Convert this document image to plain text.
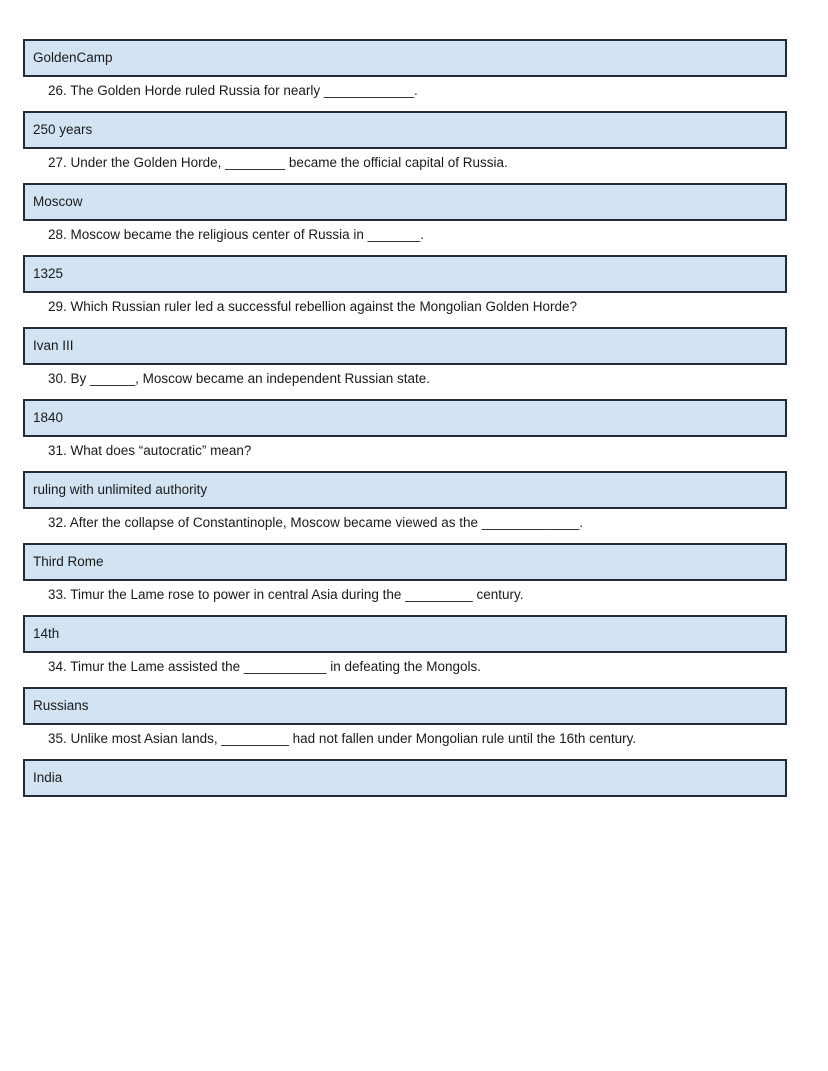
GoldenCamp
26. The Golden Horde ruled Russia for nearly ____________.
250 years
27. Under the Golden Horde, ________ became the official capital of Russia.
Moscow
28. Moscow became the religious center of Russia in _______.
1325
29. Which Russian ruler led a successful rebellion against the Mongolian Golden Horde?
Ivan III
30. By ______, Moscow became an independent Russian state.
1840
31. What does “autocratic” mean?
ruling with unlimited authority
32. After the collapse of Constantinople, Moscow became viewed as the _____________.
Third Rome
33. Timur the Lame rose to power in central Asia during the _________ century.
14th
34. Timur the Lame assisted the ___________ in defeating the Mongols.
Russians
35. Unlike most Asian lands, _________ had not fallen under Mongolian rule until the 16th century.
India
